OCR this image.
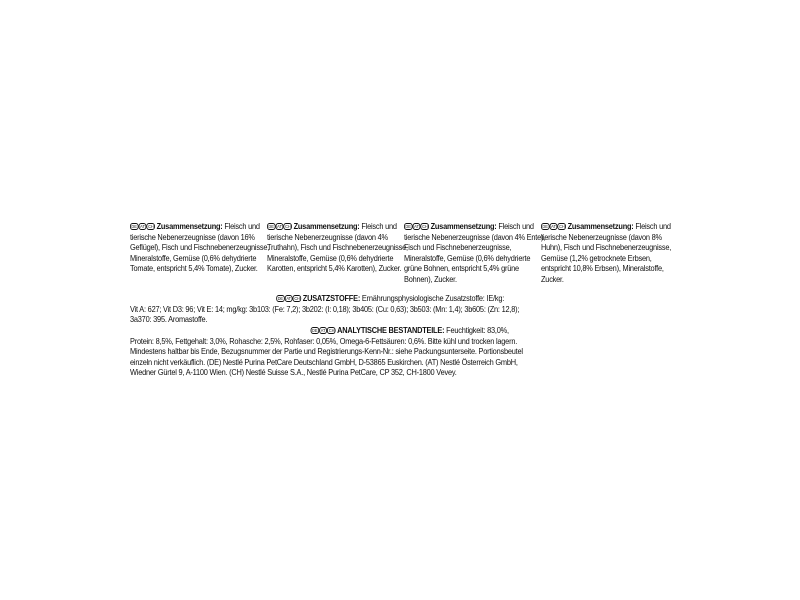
DE AT CH Zusammensetzung: Fleisch und
tierische Nebenerzeugnisse (davon 16%
Geflügel), Fisch und Fischnebenerzeugnisse,
Mineralstoffe, Gemüse (0,6% dehydrierte
Tomate, entspricht 5,4% Tomate), Zucker.
DE AT CH Zusammensetzung: Fleisch und
tierische Nebenerzeugnisse (davon 4%
Truthahn), Fisch und Fischnebenerzeugnisse,
Mineralstoffe, Gemüse (0,6% dehydrierte
Karotten, entspricht 5,4% Karotten), Zucker.
DE AT CH Zusammensetzung: Fleisch und
tierische Nebenerzeugnisse (davon 4% Ente),
Fisch und Fischnebenerzeugnisse,
Mineralstoffe, Gemüse (0,6% dehydrierte
grüne Bohnen, entspricht 5,4% grüne
Bohnen), Zucker.
DE AT CH Zusammensetzung: Fleisch und
tierische Nebenerzeugnisse (davon 8%
Huhn), Fisch und Fischnebenerzeugnisse,
Gemüse (1,2% getrocknete Erbsen,
entspricht 10,8% Erbsen), Mineralstoffe,
Zucker.
DE AT CH ZUSATZSTOFFE: Ernährungsphysiologische Zusatzstoffe: IE/kg:
Vit A: 627; Vit D3: 96; Vit E: 14; mg/kg: 3b103: (Fe: 7,2); 3b202: (I: 0,18); 3b405: (Cu: 0,63); 3b503: (Mn: 1,4); 3b605: (Zn: 12,8);
3a370: 395. Aromastoffe.
DE AT CH ANALYTISCHE BESTANDTEILE: Feuchtigkeit: 83,0%,
Protein: 8,5%, Fettgehalt: 3,0%, Rohasche: 2,5%, Rohfaser: 0,05%, Omega-6-Fettsäuren: 0,6%. Bitte kühl und trocken lagern.
Mindestens haltbar bis Ende, Bezugsnummer der Partie und Registrierungs-Kenn-Nr.: siehe Packungsunterseite. Portionsbeutel
einzeln nicht verkäuflich. (DE) Nestlé Purina PetCare Deutschland GmbH, D-53865 Euskirchen. (AT) Nestlé Österreich GmbH,
Wiedner Gürtel 9, A-1100 Wien. (CH) Nestlé Suisse S.A., Nestlé Purina PetCare, CP 352, CH-1800 Vevey.
